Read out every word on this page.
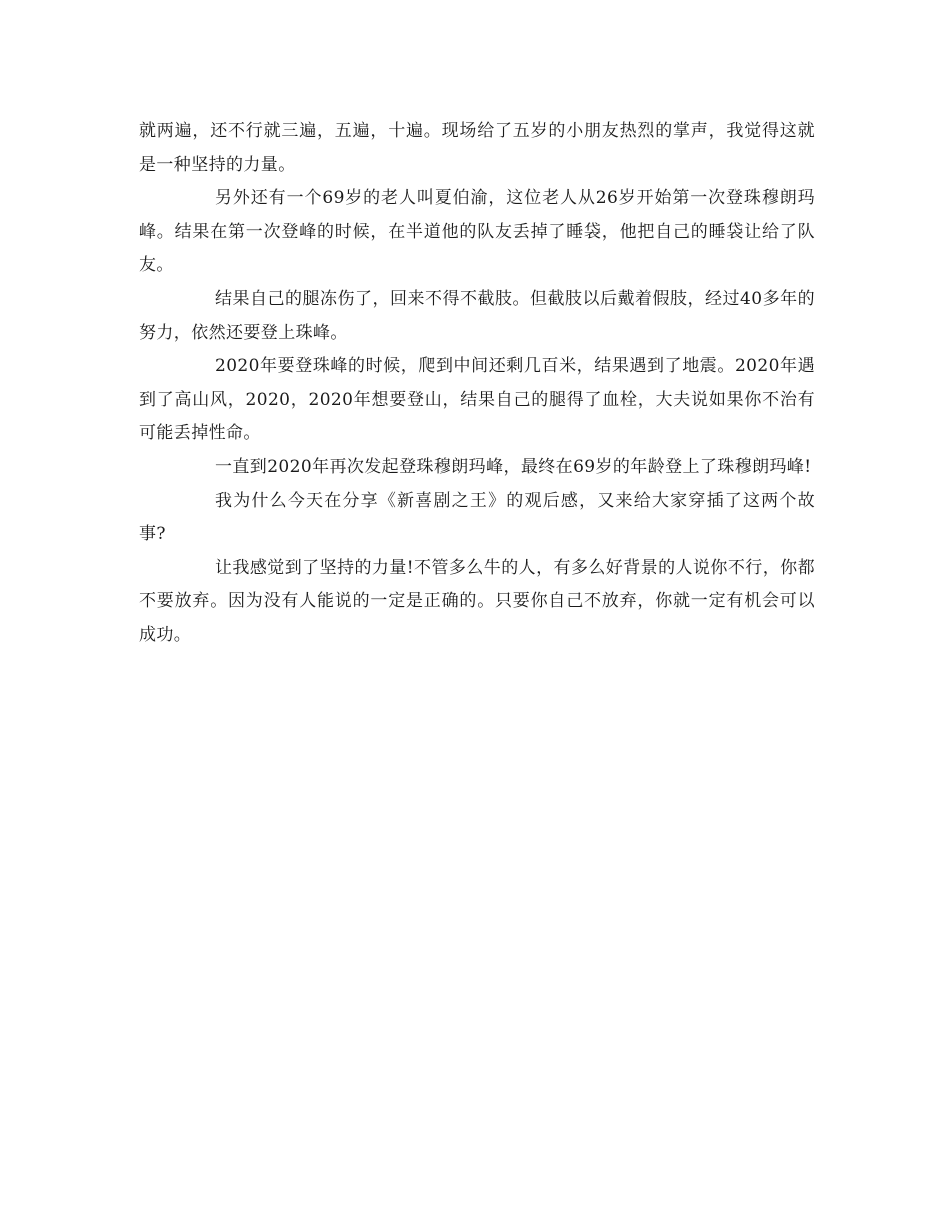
就两遍，还不行就三遍，五遍，十遍。现场给了五岁的小朋友热烈的掌声，我觉得这就是一种坚持的力量。

另外还有一个69岁的老人叫夏伯渝，这位老人从26岁开始第一次登珠穆朗玛峰。结果在第一次登峰的时候，在半道他的队友丢掉了睡袋，他把自己的睡袋让给了队友。

结果自己的腿冻伤了，回来不得不截肢。但截肢以后戴着假肢，经过40多年的努力，依然还要登上珠峰。

2020年要登珠峰的时候，爬到中间还剩几百米，结果遇到了地震。2020年遇到了高山风，2020，2020年想要登山，结果自己的腿得了血栓，大夫说如果你不治有可能丢掉性命。

一直到2020年再次发起登珠穆朗玛峰，最终在69岁的年龄登上了珠穆朗玛峰!

我为什么今天在分享《新喜剧之王》的观后感，又来给大家穿插了这两个故事?

让我感觉到了坚持的力量!不管多么牛的人，有多么好背景的人说你不行，你都不要放弃。因为没有人能说的一定是正确的。只要你自己不放弃，你就一定有机会可以成功。
